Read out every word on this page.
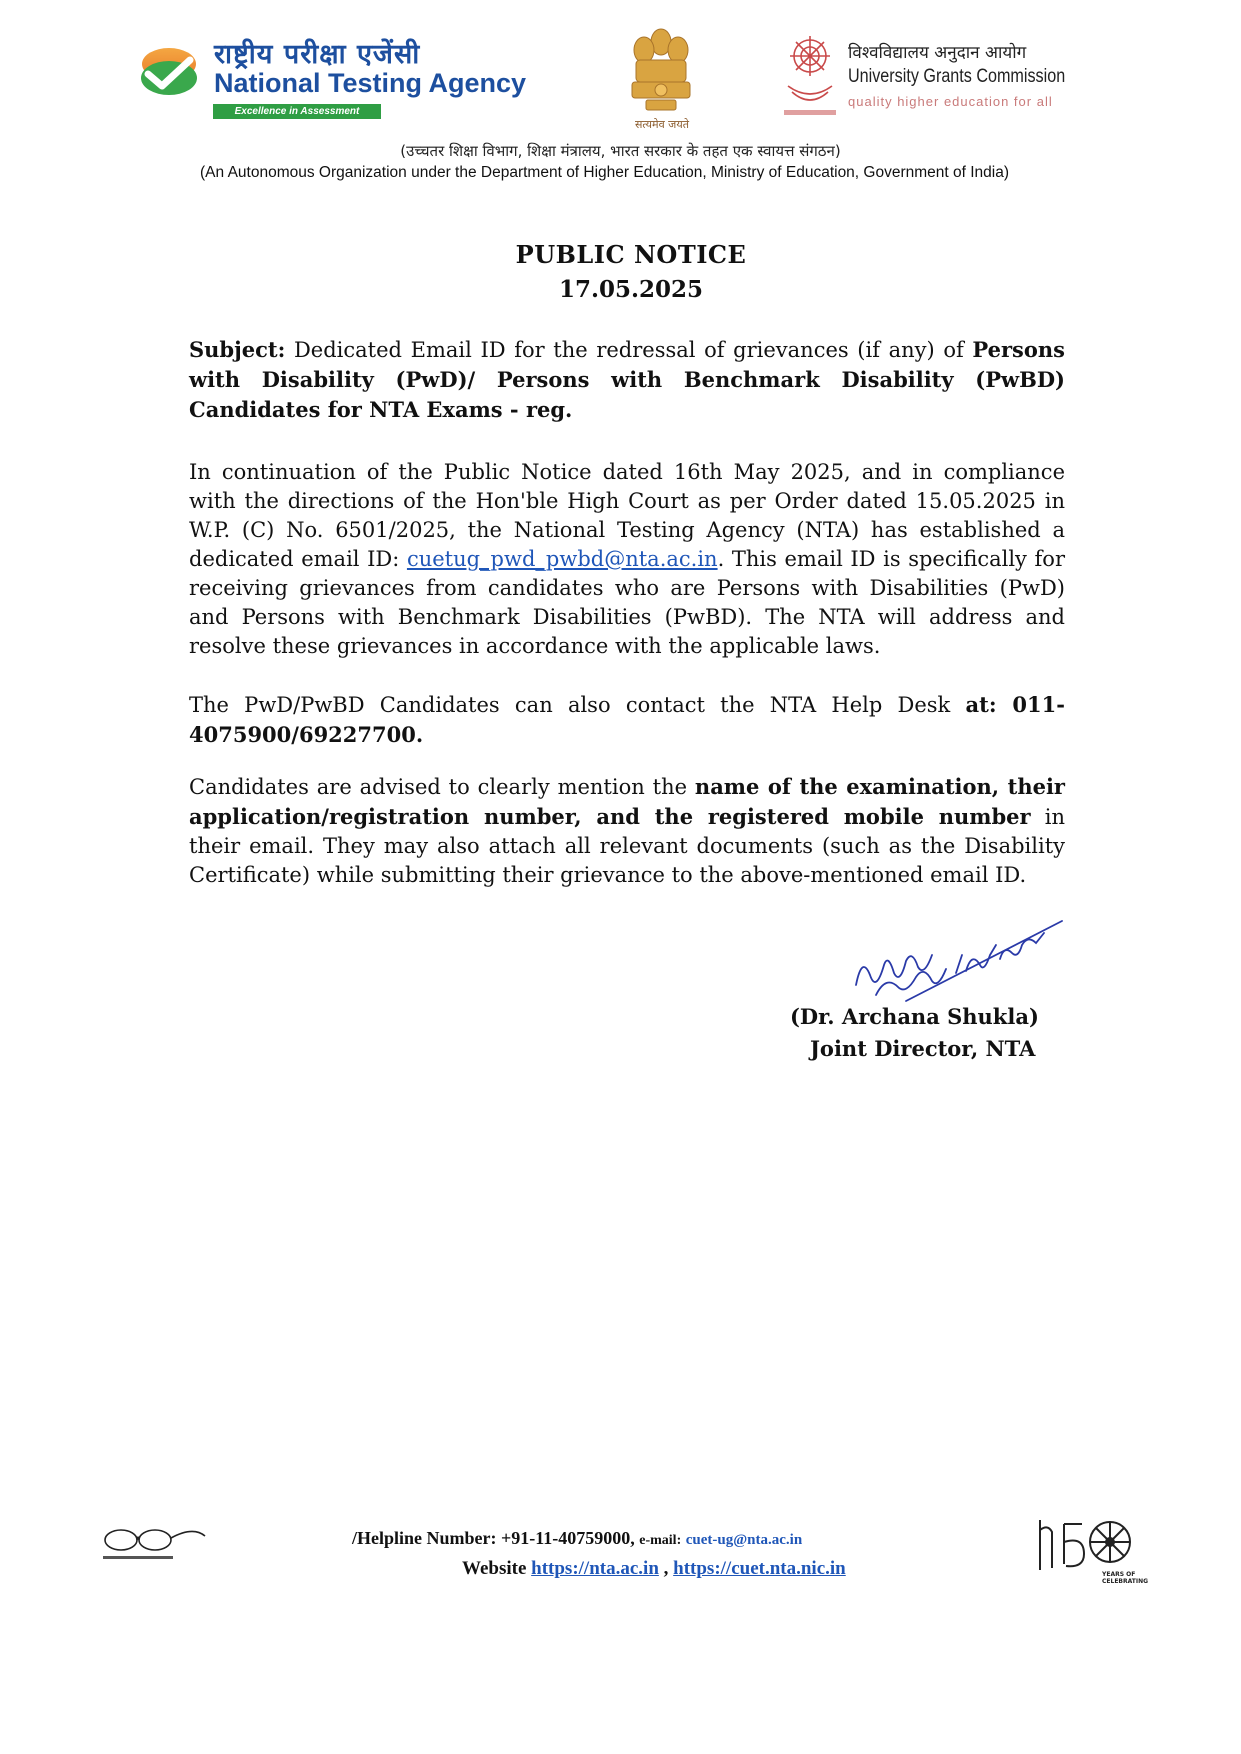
राष्ट्रीय परीक्षा एजेंसी
National Testing Agency
Excellence in Assessment
सत्यमेव जयते
विश्वविद्यालय अनुदान आयोग
University Grants Commission
quality higher education for all
(उच्चतर शिक्षा विभाग, शिक्षा मंत्रालय, भारत सरकार के तहत एक स्वायत्त संगठन)
(An Autonomous Organization under the Department of Higher Education, Ministry of Education, Government of India)
PUBLIC NOTICE
17.05.2025
Subject: Dedicated Email ID for the redressal of grievances (if any) of Persons with Disability (PwD)/ Persons with Benchmark Disability (PwBD) Candidates for NTA Exams - reg.
In continuation of the Public Notice dated 16th May 2025, and in compliance with the directions of the Hon'ble High Court as per Order dated 15.05.2025 in W.P. (C) No. 6501/2025, the National Testing Agency (NTA) has established a dedicated email ID: cuetug_pwd_pwbd@nta.ac.in. This email ID is specifically for receiving grievances from candidates who are Persons with Disabilities (PwD) and Persons with Benchmark Disabilities (PwBD). The NTA will address and resolve these grievances in accordance with the applicable laws.
The PwD/PwBD Candidates can also contact the NTA Help Desk at: 011-4075900/69227700.
Candidates are advised to clearly mention the name of the examination, their application/registration number, and the registered mobile number in their email. They may also attach all relevant documents (such as the Disability Certificate) while submitting their grievance to the above-mentioned email ID.
(Dr. Archana Shukla)
Joint Director, NTA
/Helpline Number: +91-11-40759000, e-mail: cuet-ug@nta.ac.in
Website https://nta.ac.in , https://cuet.nta.nic.in	YEARS OF
CELEBRATING
